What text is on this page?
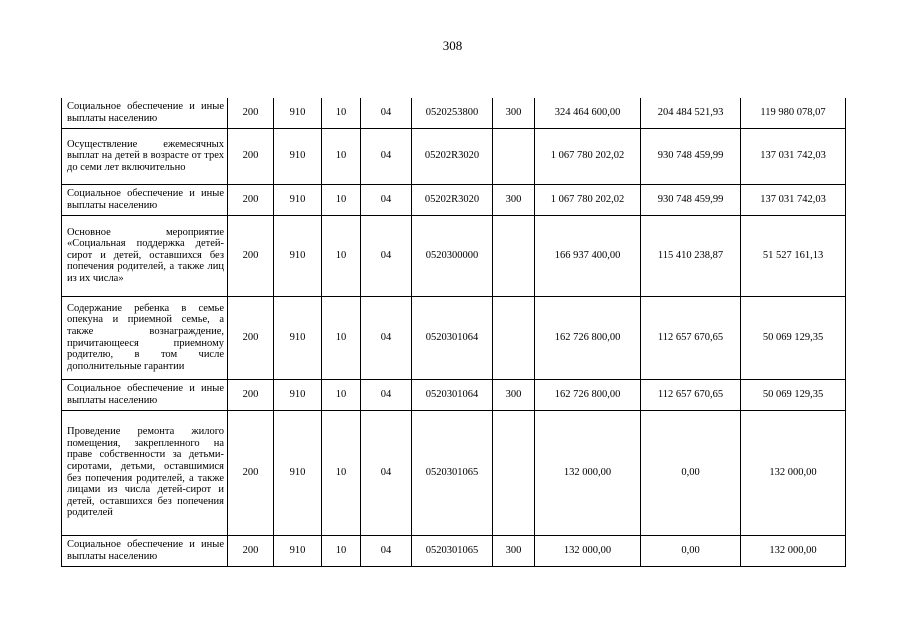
308
Социальное обеспечение и иные выплаты населению	200	910	10	04	0520253800	300	324 464 600,00	204 484 521,93	119 980 078,07
Осуществление ежемесячных выплат на детей в возрасте от трех до семи лет включительно	200	910	10	04	05202R3020		1 067 780 202,02	930 748 459,99	137 031 742,03
Социальное обеспечение и иные выплаты населению	200	910	10	04	05202R3020	300	1 067 780 202,02	930 748 459,99	137 031 742,03
Основное мероприятие «Социальная поддержка детей-сирот и детей, оставшихся без попечения родителей, а также лиц из их числа»	200	910	10	04	0520300000		166 937 400,00	115 410 238,87	51 527 161,13
Содержание ребенка в семье опекуна и приемной семье, а также вознаграждение, причитающееся приемному родителю, в том числе дополнительные гарантии	200	910	10	04	0520301064		162 726 800,00	112 657 670,65	50 069 129,35
Социальное обеспечение и иные выплаты населению	200	910	10	04	0520301064	300	162 726 800,00	112 657 670,65	50 069 129,35
Проведение ремонта жилого помещения, закрепленного на праве собственности за детьми-сиротами, детьми, оставшимися без попечения родителей, а также лицами из числа детей-сирот и детей, оставшихся без попечения родителей	200	910	10	04	0520301065		132 000,00	0,00	132 000,00
Социальное обеспечение и иные выплаты населению	200	910	10	04	0520301065	300	132 000,00	0,00	132 000,00
